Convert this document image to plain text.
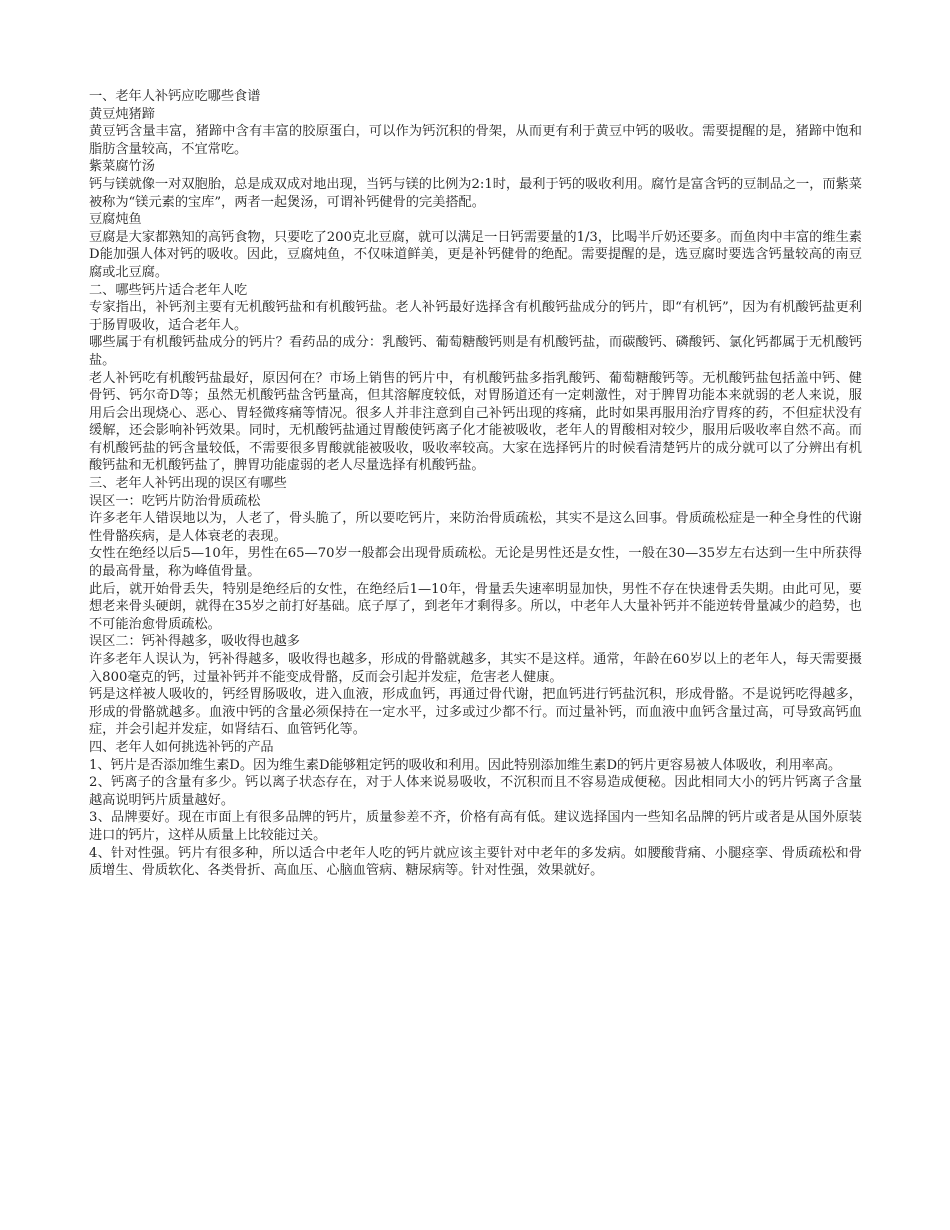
一、老年人补钙应吃哪些食谱

黄豆炖猪蹄

黄豆钙含量丰富，猪蹄中含有丰富的胶原蛋白，可以作为钙沉积的骨架，从而更有利于黄豆中钙的吸收。需要提醒的是，猪蹄中饱和脂肪含量较高，不宜常吃。

紫菜腐竹汤

钙与镁就像一对双胞胎，总是成双成对地出现，当钙与镁的比例为2:1时，最利于钙的吸收利用。腐竹是富含钙的豆制品之一，而紫菜被称为“镁元素的宝库”，两者一起煲汤，可谓补钙健骨的完美搭配。

豆腐炖鱼

豆腐是大家都熟知的高钙食物，只要吃了200克北豆腐，就可以满足一日钙需要量的1/3，比喝半斤奶还要多。而鱼肉中丰富的维生素D能加强人体对钙的吸收。因此，豆腐炖鱼，不仅味道鲜美，更是补钙健骨的绝配。需要提醒的是，选豆腐时要选含钙量较高的南豆腐或北豆腐。

二、哪些钙片适合老年人吃

专家指出，补钙剂主要有无机酸钙盐和有机酸钙盐。老人补钙最好选择含有机酸钙盐成分的钙片，即“有机钙”，因为有机酸钙盐更利于肠胃吸收，适合老年人。

哪些属于有机酸钙盐成分的钙片？看药品的成分：乳酸钙、葡萄糖酸钙则是有机酸钙盐，而碳酸钙、磷酸钙、氯化钙都属于无机酸钙盐。

老人补钙吃有机酸钙盐最好，原因何在？市场上销售的钙片中，有机酸钙盐多指乳酸钙、葡萄糖酸钙等。无机酸钙盐包括盖中钙、健骨钙、钙尔奇D等；虽然无机酸钙盐含钙量高，但其溶解度较低，对胃肠道还有一定刺激性，对于脾胃功能本来就弱的老人来说，服用后会出现烧心、恶心、胃轻微疼痛等情况。很多人并非注意到自己补钙出现的疼痛，此时如果再服用治疗胃疼的药，不但症状没有缓解，还会影响补钙效果。同时，无机酸钙盐通过胃酸使钙离子化才能被吸收，老年人的胃酸相对较少，服用后吸收率自然不高。而有机酸钙盐的钙含量较低，不需要很多胃酸就能被吸收，吸收率较高。大家在选择钙片的时候看清楚钙片的成分就可以了分辨出有机酸钙盐和无机酸钙盐了，脾胃功能虚弱的老人尽量选择有机酸钙盐。

三、老年人补钙出现的误区有哪些

误区一：吃钙片防治骨质疏松

许多老年人错误地以为，人老了，骨头脆了，所以要吃钙片，来防治骨质疏松，其实不是这么回事。骨质疏松症是一种全身性的代谢性骨骼疾病，是人体衰老的表现。

女性在绝经以后5—10年，男性在65—70岁一般都会出现骨质疏松。无论是男性还是女性，一般在30—35岁左右达到一生中所获得的最高骨量，称为峰值骨量。

此后，就开始骨丢失，特别是绝经后的女性，在绝经后1—10年，骨量丢失速率明显加快，男性不存在快速骨丢失期。由此可见，要想老来骨头硬朗，就得在35岁之前打好基础。底子厚了，到老年才剩得多。所以，中老年人大量补钙并不能逆转骨量减少的趋势，也不可能治愈骨质疏松。

误区二：钙补得越多，吸收得也越多

许多老年人误认为，钙补得越多，吸收得也越多，形成的骨骼就越多，其实不是这样。通常，年龄在60岁以上的老年人，每天需要摄入800毫克的钙，过量补钙并不能变成骨骼，反而会引起并发症，危害老人健康。

钙是这样被人吸收的，钙经胃肠吸收，进入血液，形成血钙，再通过骨代谢，把血钙进行钙盐沉积，形成骨骼。不是说钙吃得越多，形成的骨骼就越多。血液中钙的含量必须保持在一定水平，过多或过少都不行。而过量补钙，而血液中血钙含量过高，可导致高钙血症，并会引起并发症，如肾结石、血管钙化等。

四、老年人如何挑选补钙的产品

1、钙片是否添加维生素D。因为维生素D能够粗定钙的吸收和利用。因此特别添加维生素D的钙片更容易被人体吸收，利用率高。

2、钙离子的含量有多少。钙以离子状态存在，对于人体来说易吸收，不沉积而且不容易造成便秘。因此相同大小的钙片钙离子含量越高说明钙片质量越好。

3、品牌要好。现在市面上有很多品牌的钙片，质量参差不齐，价格有高有低。建议选择国内一些知名品牌的钙片或者是从国外原装进口的钙片，这样从质量上比较能过关。

4、针对性强。钙片有很多种，所以适合中老年人吃的钙片就应该主要针对中老年的多发病。如腰酸背痛、小腿痉挛、骨质疏松和骨质增生、骨质软化、各类骨折、高血压、心脑血管病、糖尿病等。针对性强，效果就好。
